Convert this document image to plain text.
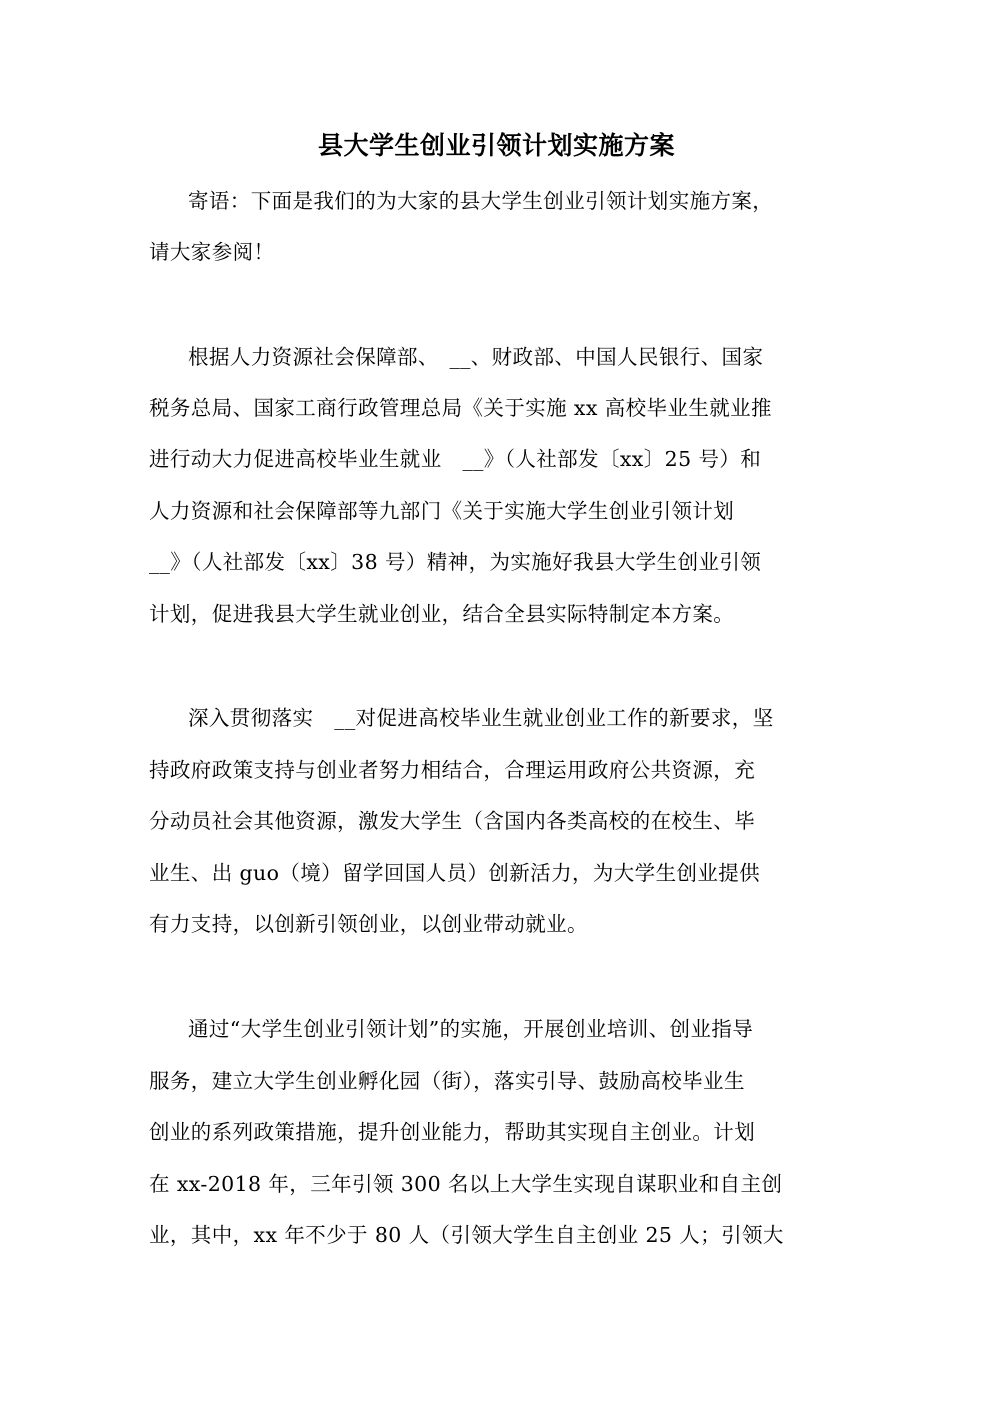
县大学生创业引领计划实施方案
寄语：下面是我们的为大家的县大学生创业引领计划实施方案，
请大家参阅！
根据人力资源社会保障部、　__、财政部、中国人民银行、国家
税务总局、国家工商行政管理总局《关于实施 xx 高校毕业生就业推
进行动大力促进高校毕业生就业　__》（人社部发〔xx〕25 号）和
人力资源和社会保障部等九部门《关于实施大学生创业引领计划
__》（人社部发〔xx〕38 号）精神，为实施好我县大学生创业引领
计划，促进我县大学生就业创业，结合全县实际特制定本方案。
深入贯彻落实　__对促进高校毕业生就业创业工作的新要求，坚
持政府政策支持与创业者努力相结合，合理运用政府公共资源，充
分动员社会其他资源，激发大学生（含国内各类高校的在校生、毕
业生、出 guo（境）留学回国人员）创新活力，为大学生创业提供
有力支持，以创新引领创业，以创业带动就业。
通过“大学生创业引领计划”的实施，开展创业培训、创业指导
服务，建立大学生创业孵化园（街），落实引导、鼓励高校毕业生
创业的系列政策措施，提升创业能力，帮助其实现自主创业。计划
在 xx-2018 年，三年引领 300 名以上大学生实现自谋职业和自主创
业，其中，xx 年不少于 80 人（引领大学生自主创业 25 人；引领大
